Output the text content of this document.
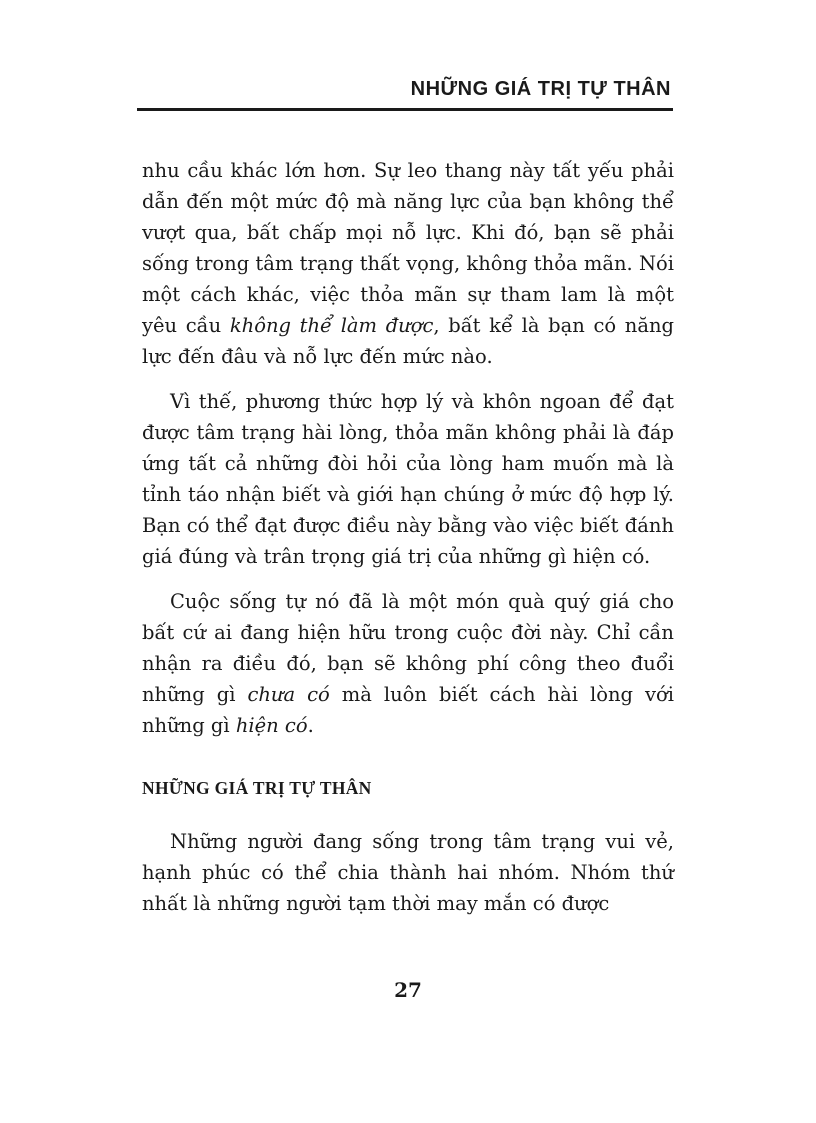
NHỮNG GIÁ TRỊ TỰ THÂN

nhu cầu khác lớn hơn. Sự leo thang này tất yếu phải dẫn đến một mức độ mà năng lực của bạn không thể vượt qua, bất chấp mọi nỗ lực. Khi đó, bạn sẽ phải sống trong tâm trạng thất vọng, không thỏa mãn. Nói một cách khác, việc thỏa mãn sự tham lam là một yêu cầu không thể làm được, bất kể là bạn có năng lực đến đâu và nỗ lực đến mức nào.

Vì thế, phương thức hợp lý và khôn ngoan để đạt được tâm trạng hài lòng, thỏa mãn không phải là đáp ứng tất cả những đòi hỏi của lòng ham muốn mà là tỉnh táo nhận biết và giới hạn chúng ở mức độ hợp lý. Bạn có thể đạt được điều này bằng vào việc biết đánh giá đúng và trân trọng giá trị của những gì hiện có.

Cuộc sống tự nó đã là một món quà quý giá cho bất cứ ai đang hiện hữu trong cuộc đời này. Chỉ cần nhận ra điều đó, bạn sẽ không phí công theo đuổi những gì chưa có mà luôn biết cách hài lòng với những gì hiện có.

NHỮNG GIÁ TRỊ TỰ THÂN

Những người đang sống trong tâm trạng vui vẻ, hạnh phúc có thể chia thành hai nhóm. Nhóm thứ nhất là những người tạm thời may mắn có được

27
